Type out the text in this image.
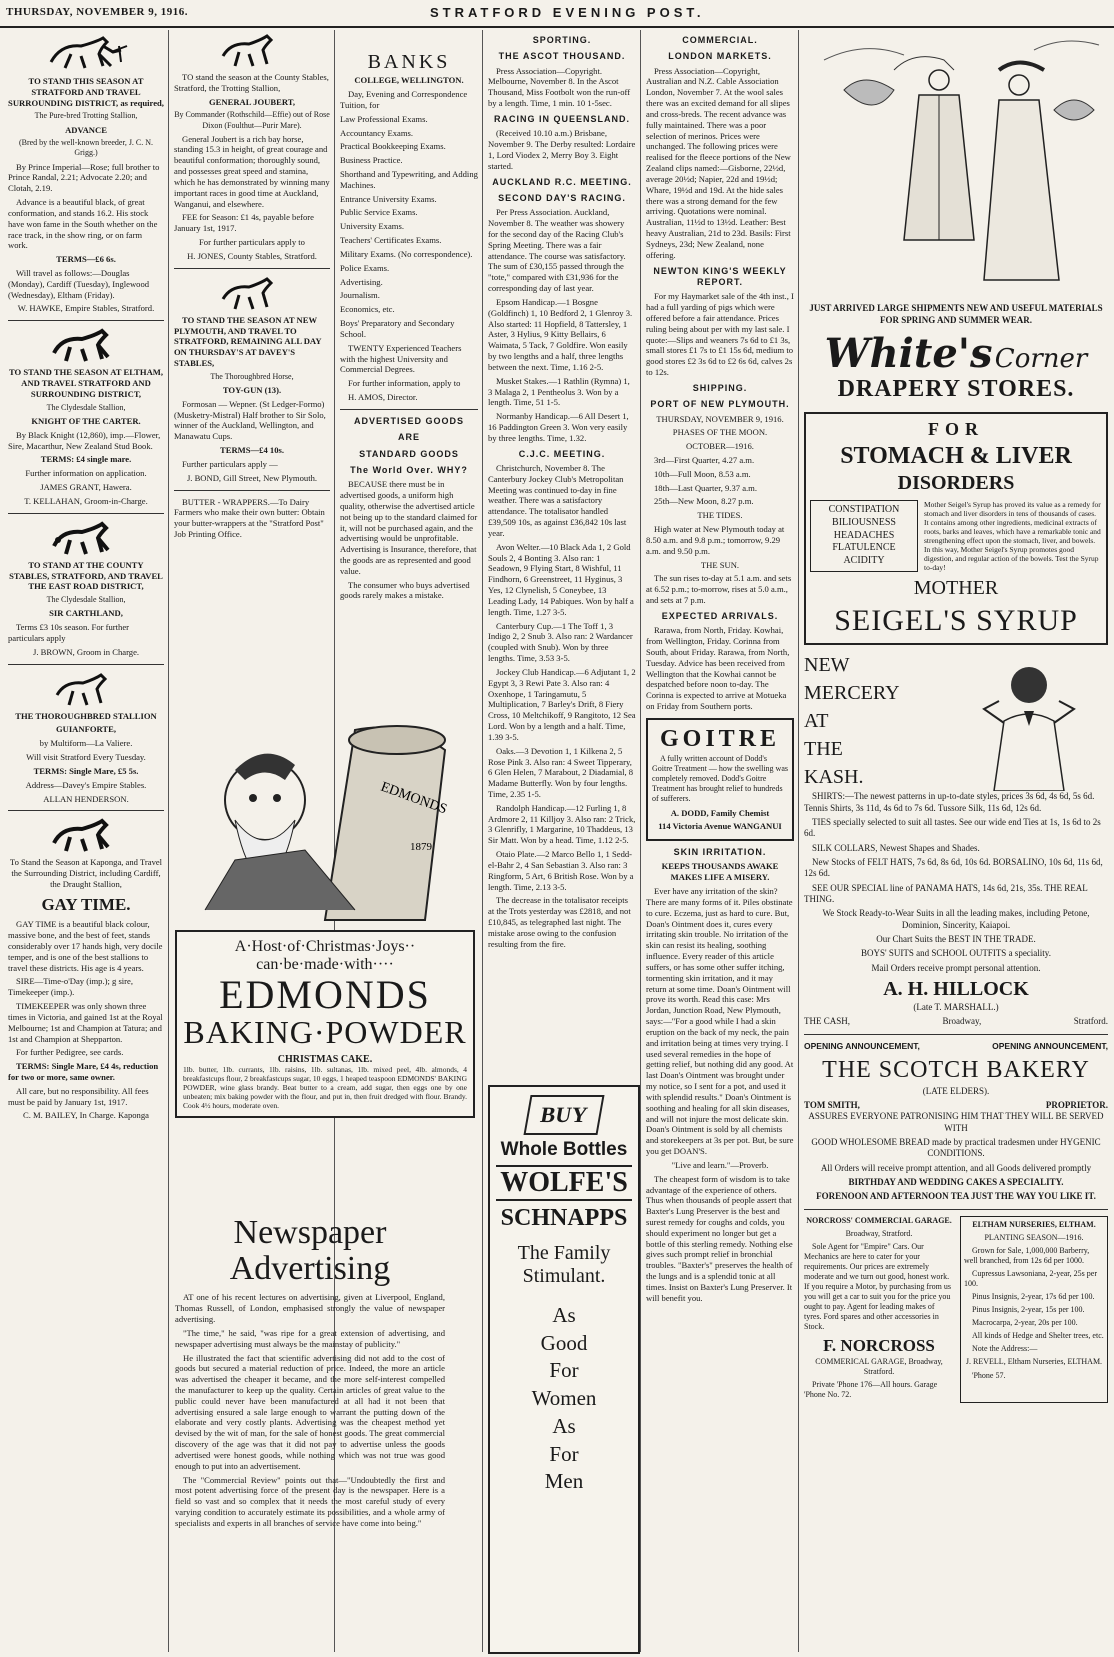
THURSDAY, NOVEMBER 9, 1916.	STRATFORD EVENING POST.

TO STAND THIS SEASON AT STRATFORD AND TRAVEL SURROUNDING DISTRICT, as required,

The Pure-bred Trotting Stallion,

ADVANCE

(Bred by the well-known breeder, J. C. N. Grigg.)

By Prince Imperial—Rose; full brother to Prince Randal, 2.21; Advocate 2.20; and Clotah, 2.19.

Advance is a beautiful black, of great conformation, and stands 16.2. His stock have won fame in the South whether on the race track, in the show ring, or on farm work.

TERMS—£6 6s.

Will travel as follows:—Douglas (Monday), Cardiff (Tuesday), Inglewood (Wednesday), Eltham (Friday).

W. HAWKE, Empire Stables, Stratford.

TO STAND THE SEASON AT ELTHAM, AND TRAVEL STRATFORD AND SURROUNDING DISTRICT,

The Clydesdale Stallion,

KNIGHT OF THE CARTER.

By Black Knight (12,860), imp.—Flower, Sire, Macarthur, New Zealand Stud Book.

TERMS: £4 single mare.

Further information on application.

JAMES GRANT, Hawera.

T. KELLAHAN, Groom-in-Charge.

TO STAND AT THE COUNTY STABLES, STRATFORD, AND TRAVEL THE EAST ROAD DISTRICT,

The Clydesdale Stallion,

SIR CARTHLAND,

Terms £3 10s season. For further particulars apply

J. BROWN, Groom in Charge.

THE THOROUGHBRED STALLION

GUIANFORTE,

by Multiform—La Valiere.

Will visit Stratford Every Tuesday.

TERMS: Single Mare, £5 5s.

Address—Davey's Empire Stables.

ALLAN HENDERSON.

To Stand the Season at Kaponga, and Travel the Surrounding District, including Cardiff, the Draught Stallion,

GAY TIME.

GAY TIME is a beautiful black colour, massive bone, and the best of feet, stands considerably over 17 hands high, very docile temper, and is one of the best stallions to travel these districts. His age is 4 years.

SIRE—Time-o'Day (imp.); g sire, Timekeeper (imp.).

TIMEKEEPER was only shown three times in Victoria, and gained 1st at the Royal Melbourne; 1st and Champion at Tatura; and 1st and Champion at Shepparton.

For further Pedigree, see cards.

TERMS: Single Mare, £4 4s, reduction for two or more, same owner.

All care, but no responsibility. All fees must be paid by January 1st, 1917.

C. M. BAILEY, In Charge. Kaponga

TO stand the season at the County Stables, Stratford, the Trotting Stallion,

GENERAL JOUBERT,

By Commander (Rothschild—Effie) out of Rose Dixon (Foulthut—Purir Mare).

General Joubert is a rich bay horse, standing 15.3 in height, of great courage and beautiful conformation; thoroughly sound, and possesses great speed and stamina, which he has demonstrated by winning many important races in good time at Auckland, Wanganui, and elsewhere.

FEE for Season: £1 4s, payable before January 1st, 1917.

For further particulars apply to

H. JONES, County Stables, Stratford.

TO STAND THE SEASON AT NEW PLYMOUTH, AND TRAVEL TO STRATFORD, REMAINING ALL DAY ON THURSDAY'S AT DAVEY'S STABLES,

The Thoroughbred Horse,

TOY-GUN (13).

Formosan — Wepner. (St Ledger-Formo) (Musketry-Mistral) Half brother to Sir Solo, winner of the Auckland, Wellington, and Manawatu Cups.

TERMS—£4 10s.

Further particulars apply —

J. BOND, Gill Street, New Plymouth.

BUTTER - WRAPPERS.—To Dairy Farmers who make their own butter: Obtain your butter-wrappers at the "Stratford Post" Job Printing Office.

BANKS

COLLEGE, WELLINGTON.

Day, Evening and Correspondence Tuition, for

Law Professional Exams.

Accountancy Exams.

Practical Bookkeeping Exams.

Business Practice.

Shorthand and Typewriting, and Adding Machines.

Entrance University Exams.

Public Service Exams.

University Exams.

Teachers' Certificates Exams.

Military Exams. (No correspondence).

Police Exams.

Advertising.

Journalism.

Economics, etc.

Boys' Preparatory and Secondary School.

TWENTY Experienced Teachers with the highest University and Commercial Degrees.

For further information, apply to

H. AMOS, Director.

ADVERTISED GOODS

ARE

STANDARD GOODS

The World Over. WHY?

BECAUSE there must be in advertised goods, a uniform high quality, otherwise the advertised article not being up to the standard claimed for it, will not be purchased again, and the advertising would be unprofitable. Advertising is Insurance, therefore, that the goods are as represented and good value.

The consumer who buys advertised goods rarely makes a mistake.

SPORTING.

THE ASCOT THOUSAND.

Press Association—Copyright. Melbourne, November 8. In the Ascot Thousand, Miss Footbolt won the run-off by a length. Time, 1 min. 10 1-5sec.

RACING IN QUEENSLAND.

(Received 10.10 a.m.) Brisbane, November 9. The Derby resulted: Lordaire 1, Lord Viodex 2, Merry Boy 3. Eight started.

AUCKLAND R.C. MEETING.

SECOND DAY'S RACING.

Per Press Association. Auckland, November 8. The weather was showery for the second day of the Racing Club's Spring Meeting. There was a fair attendance. The course was satisfactory. The sum of £30,155 passed through the "tote," compared with £31,936 for the corresponding day of last year.

Epsom Handicap.—1 Bosgne (Goldfinch) 1, 10 Bedford 2, 1 Glenroy 3. Also started: 11 Hopfield, 8 Tattersley, 1 Aster, 3 Hylius, 9 Kitty Bellairs, 6 Waimata, 5 Tack, 7 Goldfire. Won easily by two lengths and a half, three lengths between the next. Time, 1.16 2-5.

Musket Stakes.—1 Rathlin (Rymna) 1, 3 Malaga 2, 1 Pentheolus 3. Won by a length. Time, 51 1-5.

Normanby Handicap.—6 All Desert 1, 16 Paddington Green 3. Won very easily by three lengths. Time, 1.32.

C.J.C. MEETING.

Christchurch, November 8. The Canterbury Jockey Club's Metropolitan Meeting was continued to-day in fine weather. There was a satisfactory attendance. The totalisator handled £39,509 10s, as against £36,842 10s last year.

Avon Welter.—10 Black Ada 1, 2 Gold Souls 2, 4 Bonting 3. Also ran: 1 Seadown, 9 Flying Start, 8 Wishful, 11 Findhorn, 6 Greenstreet, 11 Hyginus, 3 Yes, 12 Clynelish, 5 Coneybee, 13 Leading Lady, 14 Pabiques. Won by half a length. Time, 1.27 3-5.

Canterbury Cup.—1 The Toff 1, 3 Indigo 2, 2 Snub 3. Also ran: 2 Wardancer (coupled with Snub). Won by three lengths. Time, 3.53 3-5.

Jockey Club Handicap.—6 Adjutant 1, 2 Egypt 3, 3 Rewi Pate 3. Also ran: 4 Oxenhope, 1 Taringamutu, 5 Multiplication, 7 Barley's Drift, 8 Fiery Cross, 10 Meltchikoff, 9 Rangitoto, 12 Sea Lord. Won by a length and a half. Time, 1.39 3-5.

Oaks.—3 Devotion 1, 1 Kilkena 2, 5 Rose Pink 3. Also ran: 4 Sweet Tipperary, 6 Glen Helen, 7 Marabout, 2 Diadamial, 8 Madame Butterfly. Won by four lengths. Time, 2.35 1-5.

Randolph Handicap.—12 Furling 1, 8 Ardmore 2, 11 Killjoy 3. Also ran: 2 Trick, 3 Glenrifly, 1 Margarine, 10 Thaddeus, 13 Sir Matt. Won by a head. Time, 1.12 2-5.

Otaio Plate.—2 Marco Bello 1, 1 Sedd-el-Bahr 2, 4 San Sebastian 3. Also ran: 3 Ringform, 5 Art, 6 British Rose. Won by a length. Time, 2.13 3-5.

The decrease in the totalisator receipts at the Trots yesterday was £2818, and not £10,845, as telegraphed last night. The mistake arose owing to the confusion resulting from the fire.

COMMERCIAL.

LONDON MARKETS.

Press Association—Copyright, Australian and N.Z. Cable Association London, November 7. At the wool sales there was an excited demand for all slipes and cross-breds. The recent advance was fully maintained. There was a poor selection of merinos. Prices were unchanged. The following prices were realised for the fleece portions of the New Zealand clips named:—Gisborne, 22½d, average 20½d; Napier, 22d and 19½d; Whare, 19½d and 19d. At the hide sales there was a strong demand for the few arriving. Quotations were nominal. Australian, 11½d to 13½d. Leather: Best heavy Australian, 21d to 23d. Basils: First Sydneys, 23d; New Zealand, none offering.

NEWTON KING'S WEEKLY REPORT.

For my Haymarket sale of the 4th inst., I had a full yarding of pigs which were offered before a fair attendance. Prices ruling being about per with my last sale. I quote:—Slips and weaners 7s 6d to £1 3s, small stores £1 7s to £1 15s 6d, medium to good stores £2 3s 6d to £2 6s 6d, calves 2s to 12s.

SHIPPING.

PORT OF NEW PLYMOUTH.

THURSDAY, NOVEMBER 9, 1916.

PHASES OF THE MOON.

OCTOBER—1916.

3rd—First Quarter, 4.27 a.m.

10th—Full Moon, 8.53 a.m.

18th—Last Quarter, 9.37 a.m.

25th—New Moon, 8.27 p.m.

THE TIDES.

High water at New Plymouth today at 8.50 a.m. and 9.8 p.m.; tomorrow, 9.29 a.m. and 9.50 p.m.

THE SUN.

The sun rises to-day at 5.1 a.m. and sets at 6.52 p.m.; to-morrow, rises at 5.0 a.m., and sets at 7 p.m.

EXPECTED ARRIVALS.

Rarawa, from North, Friday. Kowhai, from Wellington, Friday. Corinna from South, about Friday. Rarawa, from North, Tuesday. Advice has been received from Wellington that the Kowhai cannot be despatched before noon to-day. The Corinna is expected to arrive at Motueka on Friday from Southern ports.

GOITRE

A fully written account of Dodd's Goitre Treatment — how the swelling was completely removed. Dodd's Goitre Treatment has brought relief to hundreds of sufferers.

A. DODD, Family Chemist

114 Victoria Avenue WANGANUI

SKIN IRRITATION.

KEEPS THOUSANDS AWAKE MAKES LIFE A MISERY.

Ever have any irritation of the skin? There are many forms of it. Piles obstinate to cure. Eczema, just as hard to cure. But, Doan's Ointment does it, cures every irritating skin trouble. No irritation of the skin can resist its healing, soothing influence. Every reader of this article suffers, or has some other suffer itching, tormenting skin irritation, and it may return at some time. Doan's Ointment will prove its worth. Read this case: Mrs Jordan, Junction Road, New Plymouth, says:—"For a good while I had a skin eruption on the back of my neck, the pain and irritation being at times very trying. I used several remedies in the hope of getting relief, but nothing did any good. At last Doan's Ointment was brought under my notice, so I sent for a pot, and used it with splendid results." Doan's Ointment is soothing and healing for all skin diseases, and will not injure the most delicate skin. Doan's Ointment is sold by all chemists and storekeepers at 3s per pot. But, be sure you get DOAN'S.

"Live and learn."—Proverb.

The cheapest form of wisdom is to take advantage of the experience of others. Thus when thousands of people assert that Baxter's Lung Preserver is the best and surest remedy for coughs and colds, you should experiment no longer but get a bottle of this sterling remedy. Nothing else gives such prompt relief in bronchial troubles. "Baxter's" preserves the health of the lungs and is a splendid tonic at all times. Insist on Baxter's Lung Preserver. It will benefit you.

JUST ARRIVED LARGE SHIPMENTS NEW AND USEFUL MATERIALS FOR SPRING AND SUMMER WEAR.

White's Corner
DRAPERY STORES.
FOR
STOMACH & LIVER
DISORDERS
CONSTIPATION
BILIOUSNESS
HEADACHES
FLATULENCE
ACIDITY
Mother Seigel's Syrup has proved its value as a remedy for stomach and liver disorders in tens of thousands of cases. It contains among other ingredients, medicinal extracts of roots, barks and leaves, which have a remarkable tonic and strengthening effect upon the stomach, liver, and bowels. In this way, Mother Seigel's Syrup promotes good digestion, and regular action of the bowels. Test the Syrup to-day!
MOTHER
SEIGEL'S SYRUP
NEW
MERCERY
AT
THE
KASH.

SHIRTS:—The newest patterns in up-to-date styles, prices 3s 6d, 4s 6d, 5s 6d. Tennis Shirts, 3s 11d, 4s 6d to 7s 6d. Tussore Silk, 11s 6d, 12s 6d.

TIES specially selected to suit all tastes. See our wide end Ties at 1s, 1s 6d to 2s 6d.

SILK COLLARS, Newest Shapes and Shades.

New Stocks of FELT HATS, 7s 6d, 8s 6d, 10s 6d. BORSALINO, 10s 6d, 11s 6d, 12s 6d.

SEE OUR SPECIAL line of PANAMA HATS, 14s 6d, 21s, 35s. THE REAL THING.

We Stock Ready-to-Wear Suits in all the leading makes, including Petone, Dominion, Sincerity, Kaiapoi.

Our Chart Suits the BEST IN THE TRADE.

BOYS' SUITS and SCHOOL OUTFITS a speciality.

Mail Orders receive prompt personal attention.

A. H. HILLOCK

(Late T. MARSHALL.)

THE CASH,	Broadway,	Stratford.
OPENING ANNOUNCEMENT,	OPENING ANNOUNCEMENT,
THE SCOTCH BAKERY

(LATE ELDERS).

TOM SMITH,	PROPRIETOR.

ASSURES EVERYONE PATRONISING HIM THAT THEY WILL BE SERVED WITH

GOOD WHOLESOME BREAD made by practical tradesmen under HYGENIC CONDITIONS.

All Orders will receive prompt attention, and all Goods delivered promptly

BIRTHDAY AND WEDDING CAKES A SPECIALITY.

FORENOON AND AFTERNOON TEA JUST THE WAY YOU LIKE IT.

NORCROSS' COMMERCIAL GARAGE.

Broadway, Stratford.

Sole Agent for "Empire" Cars. Our Mechanics are here to cater for your requirements. Our prices are extremely moderate and we turn out good, honest work. If you require a Motor, by purchasing from us you will get a car to suit you for the price you ought to pay. Agent for leading makes of tyres. Ford spares and other accessories in Stock.

F. NORCROSS

COMMERICAL GARAGE, Broadway, Stratford.

Private 'Phone 176—All hours. Garage 'Phone No. 72.

ELTHAM NURSERIES, ELTHAM.

PLANTING SEASON—1916.

Grown for Sale, 1,000,000 Barberry, well branched, from 12s 6d per 1000.

Cupressus Lawsoniana, 2-year, 25s per 100.

Pinus Insignis, 2-year, 17s 6d per 100.

Pinus Insignis, 2-year, 15s per 100.

Macrocarpa, 2-year, 20s per 100.

All kinds of Hedge and Shelter trees, etc.

Note the Address:—

J. REVELL, Eltham Nurseries, ELTHAM.

'Phone 57.

EDMONDS
1879
A·Host·of·Christmas·Joys·· can·be·made·with····
EDMONDS
BAKING·POWDER
CHRISTMAS CAKE.
1lb. butter, 1lb. currants, 1lb. raisins, 1lb. sultanas, 1lb. mixed peel, 4lb. almonds, 4 breakfastcups flour, 2 breakfastcups sugar, 10 eggs, 1 heaped teaspoon EDMONDS' BAKING POWDER, wine glass brandy. Beat butter to a cream, add sugar, then eggs one by one unbeaten; mix baking powder with the flour, and put in, then fruit dredged with flour. Brandy. Cook 4½ hours, moderate oven.
Newspaper
Advertising

AT one of his recent lectures on advertising, given at Liverpool, England, Thomas Russell, of London, emphasised strongly the value of newspaper advertising.

"The time," he said, "was ripe for a great extension of advertising, and newspaper advertising must always be the mainstay of publicity."

He illustrated the fact that scientific advertising did not add to the cost of goods but secured a material reduction of price. Indeed, the more an article was advertised the cheaper it became, and the more self-interest compelled the manufacturer to keep up the quality. Certain articles of great value to the public could never have been manufactured at all had it not been that advertising ensured a sale large enough to warrant the putting down of the elaborate and very costly plants. Advertising was the cheapest method yet devised by the wit of man, for the sale of honest goods. The great commercial discovery of the age was that it did not pay to advertise unless the goods advertised were honest goods, while nothing which was not true was good enough to put into an advertisement.

The "Commercial Review" points out that—"Undoubtedly the first and most potent advertising force of the present day is the newspaper. Here is a field so vast and so complex that it needs the most careful study of every varying condition to accurately estimate its possibilities, and a whole army of specialists and experts in all branches of service have come into being."

BUY
Whole Bottles
WOLFE'S
SCHNAPPS
The Family
Stimulant.
As
Good
For
Women
As
For
Men
